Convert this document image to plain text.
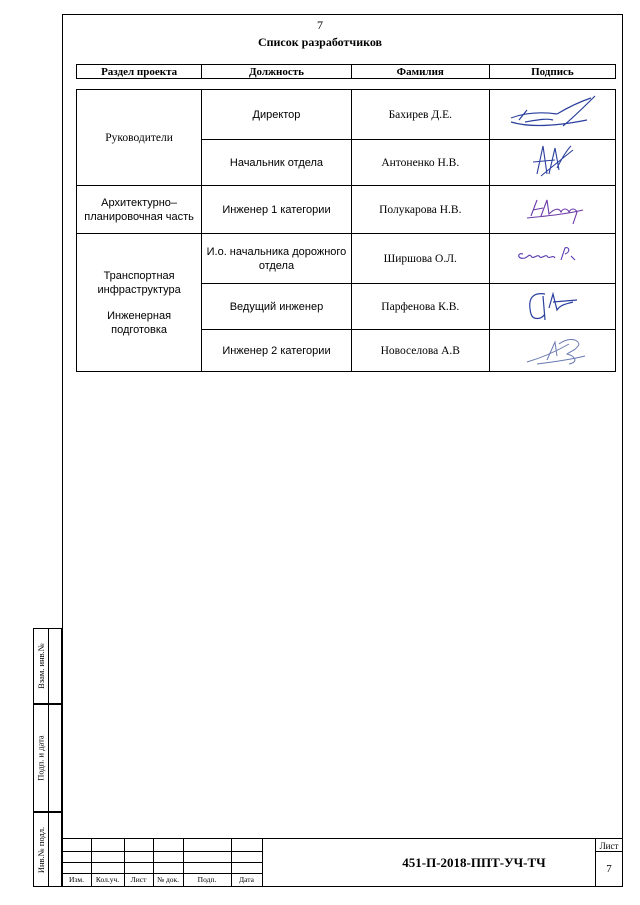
7
Список разработчиков
Раздел проекта	Должность	Фамилия	Подпись

Руководители	Директор	Бахирев Д.Е.	
	Начальник отдела	Антоненко Н.В.	

Архитектурно–
планировочная часть	Инженер 1 категории	Полукарова Н.В.	

Транспортная
инфраструктура
Инженерная
подготовка	И.о. начальника дорожного отдела	Ширшова О.Л.	
	Ведущий инженер	Парфенова К.В.	
	Инженер 2 категории	Новоселова А.В	
Взам. инв.№
Подп. и дата
Инв.№ подл.
Изм.	Кол.уч.	Лист	№ док.	Подп.	Дата
451-П-2018-ППТ-УЧ-ТЧ
Лист
7
